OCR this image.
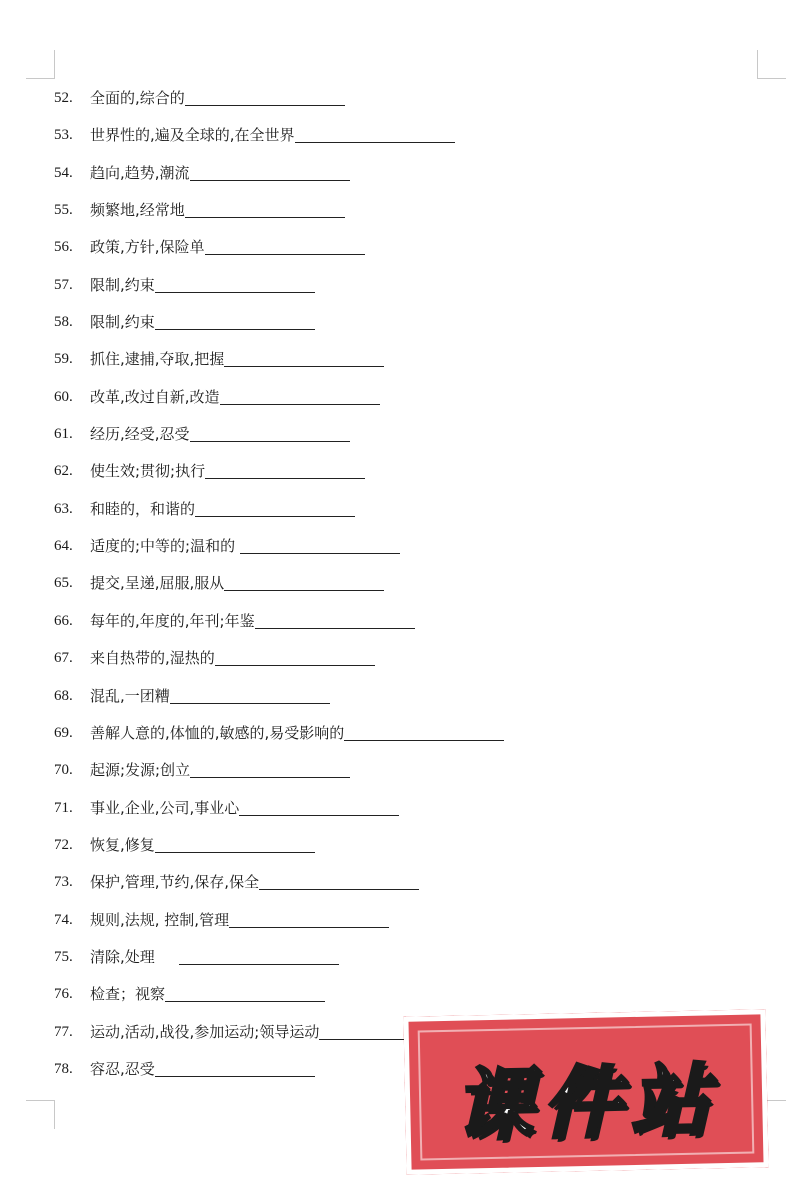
52.	全面的,综合的
53.	世界性的,遍及全球的,在全世界
54.	趋向,趋势,潮流
55.	频繁地,经常地
56.	政策,方针,保险单
57.	限制,约束
58.	限制,约束
59.	抓住,逮捕,夺取,把握
60.	改革,改过自新,改造
61.	经历,经受,忍受
62.	使生效;贯彻;执行
63.	和睦的，和谐的
64.	适度的;中等的;温和的
65.	提交,呈递,屈服,服从
66.	每年的,年度的,年刊;年鉴
67.	来自热带的,湿热的
68.	混乱,一团糟
69.	善解人意的,体恤的,敏感的,易受影响的
70.	起源;发源;创立
71.	事业,企业,公司,事业心
72.	恢复,修复
73.	保护,管理,节约,保存,保全
74.	规则,法规, 控制,管理
75.	清除,处理
76.	检查；视察
77.	运动,活动,战役,参加运动;领导运动
78.	容忍,忍受	课件站
